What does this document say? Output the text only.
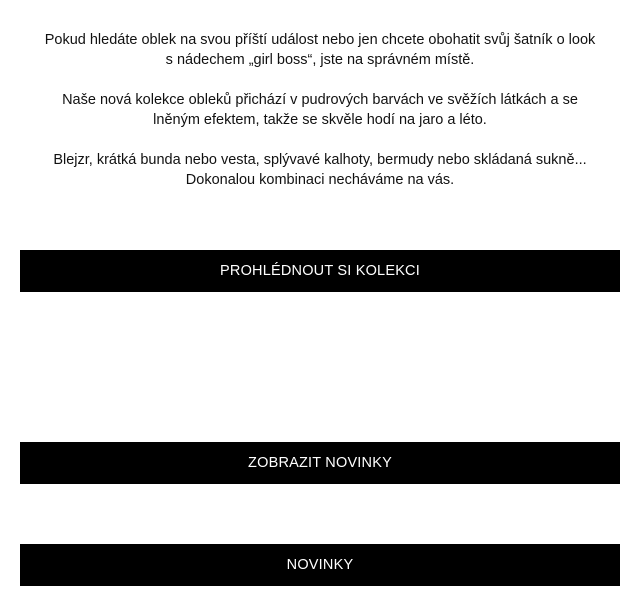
Pokud hledáte oblek na svou příští událost nebo jen chcete obohatit svůj šatník o look s nádechem „girl boss“, jste na správném místě.

Naše nová kolekce obleků přichází v pudrových barvách ve svěžích látkách a se lněným efektem, takže se skvěle hodí na jaro a léto.

Blejzr, krátká bunda nebo vesta, splývavé kalhoty, bermudy nebo skládaná sukně... Dokonalou kombinaci necháváme na vás.

PROHLÉDNOUT SI KOLEKCI
ZOBRAZIT NOVINKY
NOVINKY
